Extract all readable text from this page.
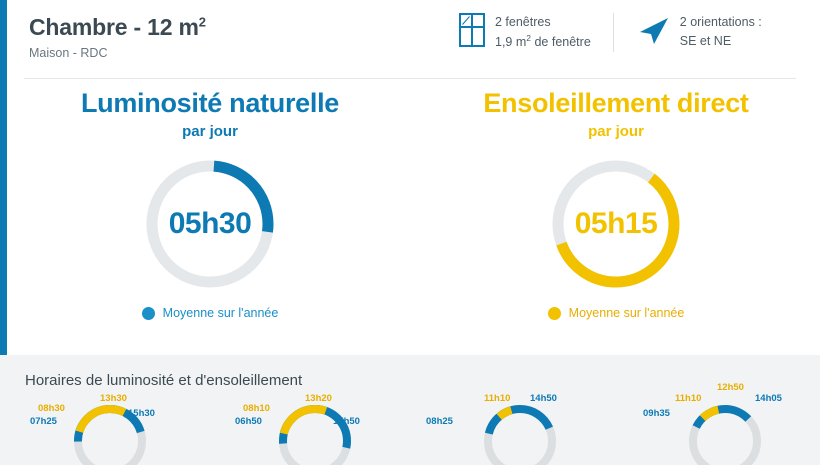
Chambre - 12 $m^2$
Maison - RDC
2 fenêtres
1,9 $m^2$ de fenêtre
2 orientations :
SE et NE
Luminosité naturelle
par jour
05h30
Moyenne sur l'année
Ensoleillement direct
par jour
05h15
Moyenne sur l'année
Horaires de luminosité et d'ensoleillement
08h30
07h25
13h30
15h30	08h10
06h50
13h20
17h50	08h25
11h10 14h50	11h10
09h35
12h50
14h05
